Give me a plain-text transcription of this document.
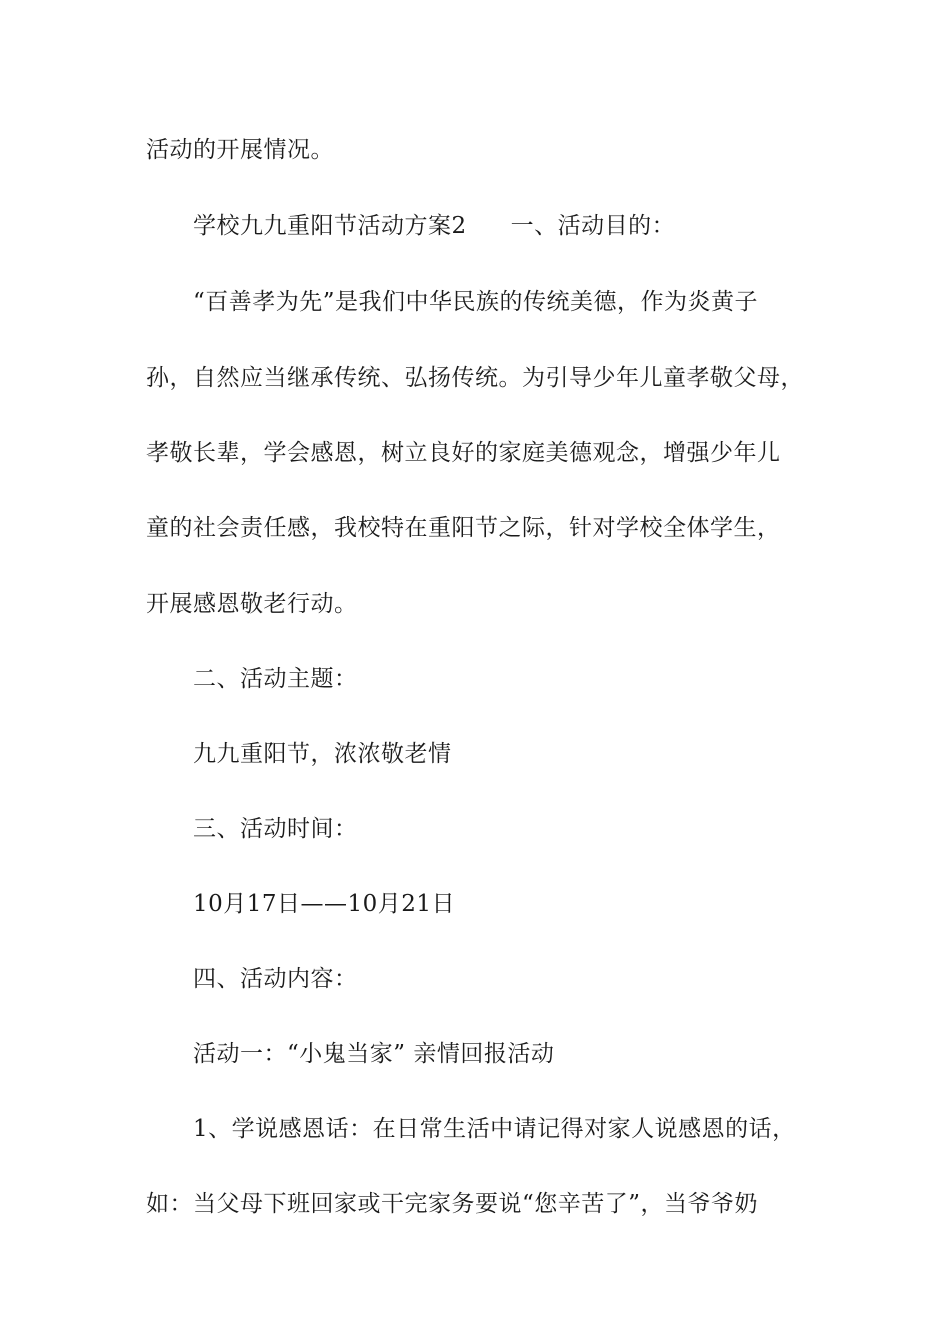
活动的开展情况。
学校九九重阳节活动方案2 一、活动目的：
“百善孝为先”是我们中华民族的传统美德，作为炎黄子
孙，自然应当继承传统、弘扬传统。为引导少年儿童孝敬父母，
孝敬长辈，学会感恩，树立良好的家庭美德观念，增强少年儿
童的社会责任感，我校特在重阳节之际，针对学校全体学生，
开展感恩敬老行动。
二、活动主题：
九九重阳节，浓浓敬老情
三、活动时间：
10月17日——10月21日
四、活动内容：
活动一：“小鬼当家” 亲情回报活动
1、学说感恩话：在日常生活中请记得对家人说感恩的话，
如：当父母下班回家或干完家务要说“您辛苦了”，当爷爷奶
